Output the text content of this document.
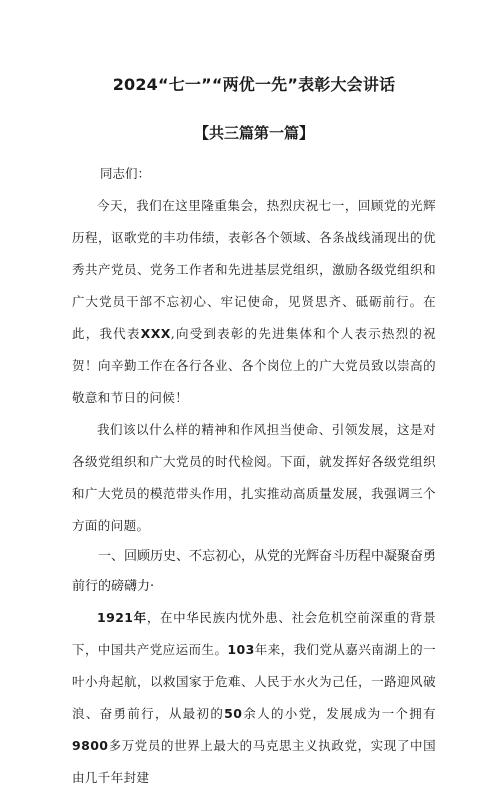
2024“七一”“两优一先”表彰大会讲话
【共三篇第一篇】
同志们：

今天，我们在这里隆重集会，热烈庆祝七一，回顾党的光辉历程，讴歌党的丰功伟绩，表彰各个领域、各条战线涌现出的优秀共产党员、党务工作者和先进基层党组织，激励各级党组织和广大党员干部不忘初心、牢记使命，见贤思齐、砥砺前行。在此，我代表XXX,向受到表彰的先进集体和个人表示热烈的祝贺！向辛勤工作在各行各业、各个岗位上的广大党员致以崇高的敬意和节日的问候！

我们该以什么样的精神和作风担当使命、引领发展，这是对各级党组织和广大党员的时代检阅。下面，就发挥好各级党组织和广大党员的模范带头作用，扎实推动高质量发展，我强调三个方面的问题。

一、回顾历史、不忘初心，从党的光辉奋斗历程中凝聚奋勇前行的磅礴力·

1921年，在中华民族内忧外患、社会危机空前深重的背景下，中国共产党应运而生。103年来，我们党从嘉兴南湖上的一叶小舟起航，以救国家于危难、人民于水火为己任，一路迎风破浪、奋勇前行，从最初的50余人的小党，发展成为一个拥有9800多万党员的世界上最大的马克思主义执政党，实现了中国由几千年封建
